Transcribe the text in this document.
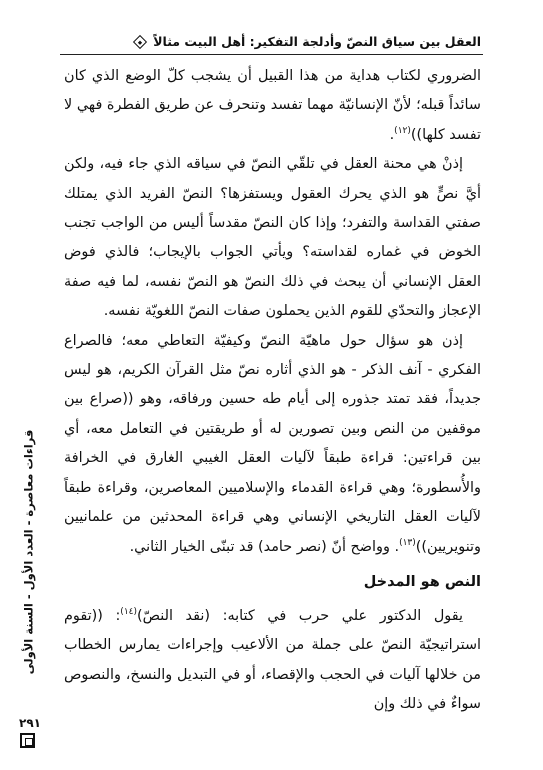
العقل بين سياق النصّ وأدلجة التفكير: أهل البيت مثالاً

الضروري لكتاب هداية من هذا القبيل أن يشجب كلّ الوضع الذي كان سائداً قبله؛ لأنّ الإنسانيّة مهما تفسد وتنحرف عن طريق الفطرة فهي لا تفسد كلها))$^{(١٢)}$.

إذنْ هي محنة العقل في تلقّي النصّ في سياقه الذي جاء فيه، ولكن أيَّ نصٍّ هو الذي يحرك العقول ويستفزها؟ النصّ الفريد الذي يمتلك صفتي القداسة والتفرد؛ وإذا كان النصّ مقدساً أليس من الواجب تجنب الخوض في غماره لقداسته؟ ويأتي الجواب بالإيجاب؛ فالذي فوض العقل الإنساني أن يبحث في ذلك النصّ هو النصّ نفسه، لما فيه صفة الإعجاز والتحدّي للقوم الذين يحملون صفات النصّ اللغويّة نفسه.

إذن هو سؤال حول ماهيّة النصّ وكيفيّة التعاطي معه؛ فالصراع الفكري - آنف الذكر - هو الذي أثاره نصّ مثل القرآن الكريم، هو ليس جديداً، فقد تمتد جذوره إلى أيام طه حسين ورفاقه، وهو ((صراع بين موقفين من النص وبين تصورين له أو طريقتين في التعامل معه، أي بين قراءتين: قراءة طبقاً لآليات العقل الغيبي الغارق في الخرافة والأُسطورة؛ وهي قراءة القدماء والإسلاميين المعاصرين، وقراءة طبقاً لآليات العقل التاريخي الإنساني وهي قراءة المحدثين من علمانيين وتنويريين))$^{(١٣)}$. وواضح أنّ (نصر حامد) قد تبنّى الخيار الثاني.

النص هو المدخل

يقول الدكتور علي حرب في كتابه: (نقد النصّ)$^{(١٤)}$: ((تقوم استراتيجيّة النصّ على جملة من الألاعيب وإجراءات يمارس الخطاب من خلالها آليات في الحجب والإقصاء، أو في التبديل والنسخ، والنصوص سواءٌ في ذلك وإن

قراءات معاصرة - العدد الأول - السنة الأولى
٢٩١
